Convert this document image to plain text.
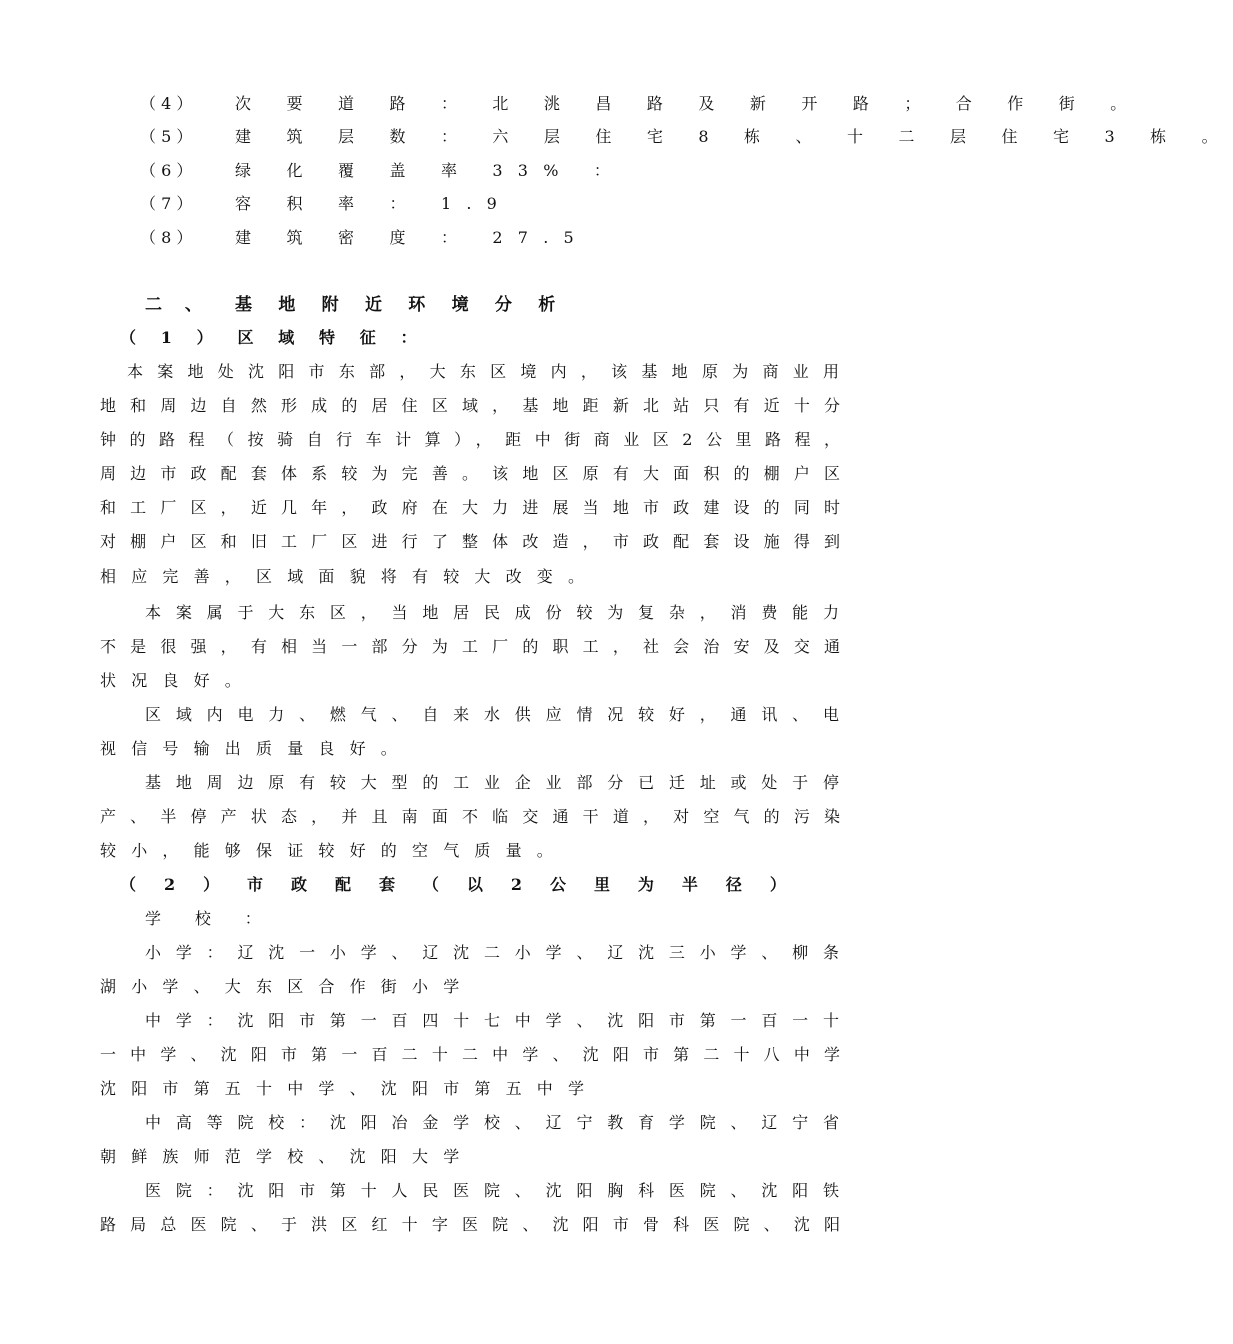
（ 4 ）	次 要 道 路 ： 北 洮 昌 路 及 新 开 路 ； 合 作 街 。
（ 5 ）	建 筑 层 数 ： 六 层 住 宅 8 栋 、 十 二 层 住 宅 3 栋 。
（ 6 ）	绿 化 覆 盖 率 33% ：
（ 7 ）	容 积 率 ： 1.9
（ 8 ）	建 筑 密 度 ： 27.5
二 、 基 地 附 近 环 境 分 析
（ 1 ） 区 域 特 征 ：
本案地处沈阳市东部，大东区境内，该基地原为商业用
地和周边自然形成的居住区域，基地距新北站只有近十分
钟的路程（按骑自行车计算），距中街商业区2公里路程，
周边市政配套体系较为完善。该地区原有大面积的棚户区
和工厂区，近几年，政府在大力进展当地市政建设的同时
对棚户区和旧工厂区进行了整体改造，市政配套设施得到
相应完善，区域面貌将有较大改变。
本案属于大东区，当地居民成份较为复杂，消费能力
不是很强，有相当一部分为工厂的职工，社会治安及交通
状况良好。
区域内电力、燃气、自来水供应情况较好，通讯、电
视信号输出质量良好。
基地周边原有较大型的工业企业部分已迁址或处于停
产、半停产状态，并且南面不临交通干道，对空气的污染
较小，能够保证较好的空气质量。
（ 2 ） 市 政 配 套 （ 以 2 公 里 为 半 径 ）
学 校 ：
小学：辽沈一小学、辽沈二小学、辽沈三小学、柳条
湖小学、大东区合作街小学
中学：沈阳市第一百四十七中学、沈阳市第一百一十
一中学、沈阳市第一百二十二中学、沈阳市第二十八中学
沈阳市第五十中学、沈阳市第五中学
中高等院校：沈阳冶金学校、辽宁教育学院、辽宁省
朝鲜族师范学校、沈阳大学
医院：沈阳市第十人民医院、沈阳胸科医院、沈阳铁
路局总医院、于洪区红十字医院、沈阳市骨科医院、沈阳
